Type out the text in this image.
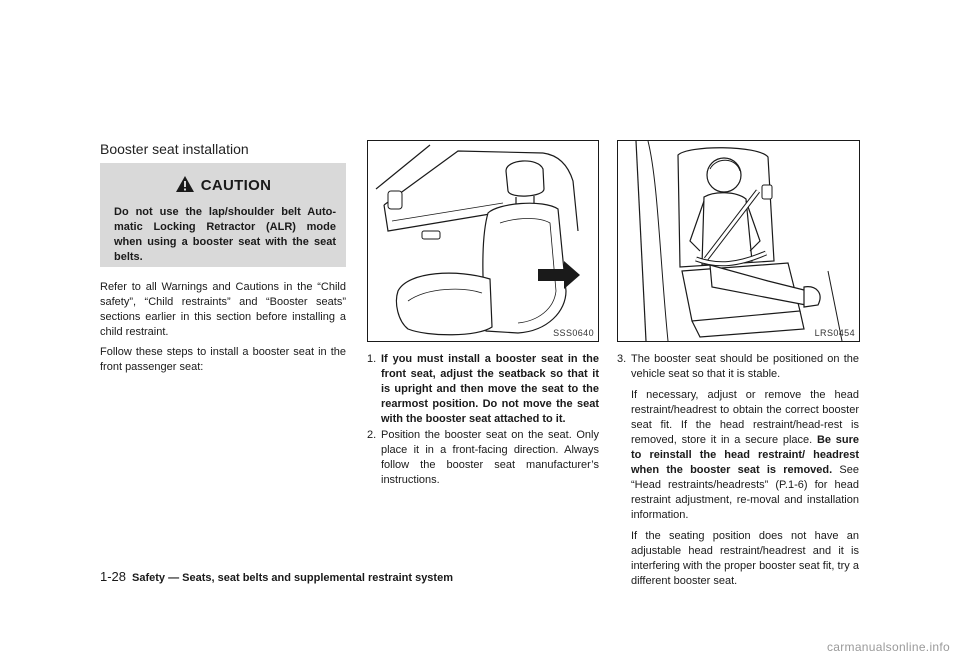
Booster seat installation
CAUTION
Do not use the lap/shoulder belt Auto-matic Locking Retractor (ALR) mode when using a booster seat with the seat belts.
Refer to all Warnings and Cautions in the “Child safety”, “Child restraints” and “Booster seats” sections earlier in this section before installing a child restraint.
Follow these steps to install a booster seat in the front passenger seat:
SSS0640
1. If you must install a booster seat in the front seat, adjust the seatback so that it is upright and then move the seat to the rearmost position. Do not move the seat with the booster seat attached to it.
2. Position the booster seat on the seat. Only place it in a front-facing direction. Always follow the booster seat manufacturer’s instructions.
LRS0454
3. The booster seat should be positioned on the vehicle seat so that it is stable.
If necessary, adjust or remove the head restraint/headrest to obtain the correct booster seat fit. If the head restraint/head-rest is removed, store it in a secure place. Be sure to reinstall the head restraint/ headrest when the booster seat is removed. See “Head restraints/headrests” (P.1-6) for head restraint adjustment, re-moval and installation information.
If the seating position does not have an adjustable head restraint/headrest and it is interfering with the proper booster seat fit, try a different booster seat.
1-28 Safety — Seats, seat belts and supplemental restraint system
carmanualsonline.info
